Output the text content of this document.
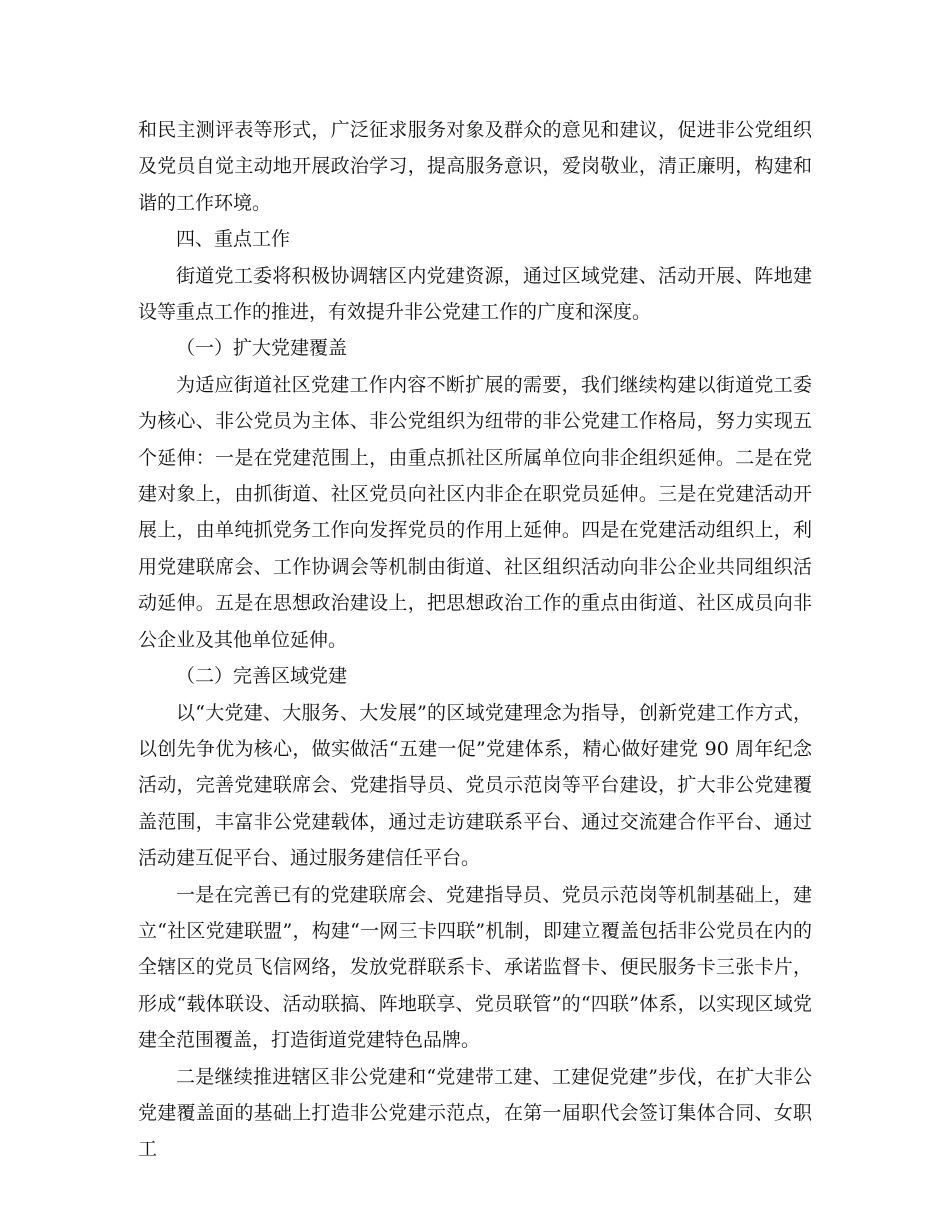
和民主测评表等形式，广泛征求服务对象及群众的意见和建议，促进非公党组织及党员自觉主动地开展政治学习，提高服务意识，爱岗敬业，清正廉明，构建和谐的工作环境。

四、重点工作

街道党工委将积极协调辖区内党建资源，通过区域党建、活动开展、阵地建设等重点工作的推进，有效提升非公党建工作的广度和深度。

（一）扩大党建覆盖

为适应街道社区党建工作内容不断扩展的需要，我们继续构建以街道党工委为核心、非公党员为主体、非公党组织为纽带的非公党建工作格局，努力实现五个延伸：一是在党建范围上，由重点抓社区所属单位向非企组织延伸。二是在党建对象上，由抓街道、社区党员向社区内非企在职党员延伸。三是在党建活动开展上，由单纯抓党务工作向发挥党员的作用上延伸。四是在党建活动组织上，利用党建联席会、工作协调会等机制由街道、社区组织活动向非公企业共同组织活动延伸。五是在思想政治建设上，把思想政治工作的重点由街道、社区成员向非公企业及其他单位延伸。

（二）完善区域党建

以“大党建、大服务、大发展”的区域党建理念为指导，创新党建工作方式，以创先争优为核心，做实做活“五建一促”党建体系，精心做好建党 90 周年纪念活动，完善党建联席会、党建指导员、党员示范岗等平台建设，扩大非公党建覆盖范围，丰富非公党建载体，通过走访建联系平台、通过交流建合作平台、通过活动建互促平台、通过服务建信任平台。

一是在完善已有的党建联席会、党建指导员、党员示范岗等机制基础上，建立“社区党建联盟”，构建“一网三卡四联”机制，即建立覆盖包括非公党员在内的全辖区的党员飞信网络，发放党群联系卡、承诺监督卡、便民服务卡三张卡片，形成“载体联设、活动联搞、阵地联享、党员联管”的“四联”体系，以实现区域党建全范围覆盖，打造街道党建特色品牌。

二是继续推进辖区非公党建和“党建带工建、工建促党建”步伐，在扩大非公党建覆盖面的基础上打造非公党建示范点，在第一届职代会签订集体合同、女职工
